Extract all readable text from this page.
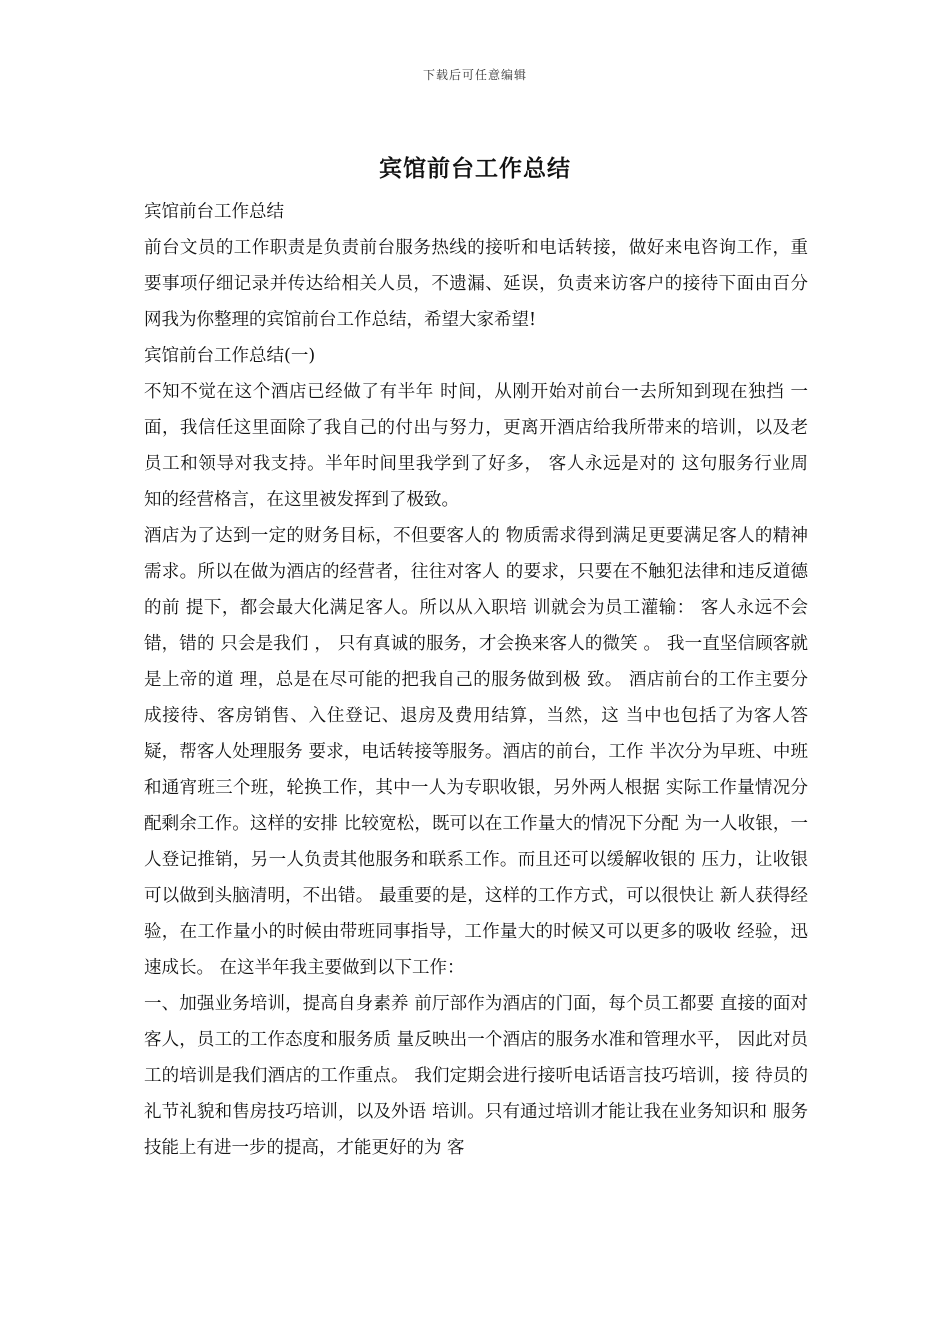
下载后可任意编辑
宾馆前台工作总结

宾馆前台工作总结

前台文员的工作职责是负责前台服务热线的接听和电话转接，做好来电咨询工作，重要事项仔细记录并传达给相关人员，不遗漏、延误，负责来访客户的接待下面由百分网我为你整理的宾馆前台工作总结，希望大家希望!

宾馆前台工作总结(一)

不知不觉在这个酒店已经做了有半年 时间，从刚开始对前台一去所知到现在独挡 一面，我信任这里面除了我自己的付出与努力，更离开酒店给我所带来的培训，以及老员工和领导对我支持。半年时间里我学到了好多， 客人永远是对的 这句服务行业周 知的经营格言，在这里被发挥到了极致。

酒店为了达到一定的财务目标，不但要客人的 物质需求得到满足更要满足客人的精神需求。所以在做为酒店的经营者，往往对客人 的要求，只要在不触犯法律和违反道德的前 提下，都会最大化满足客人。所以从入职培 训就会为员工灌输： 客人永远不会错，错的 只会是我们 ， 只有真诚的服务，才会换来客人的微笑 。 我一直坚信顾客就是上帝的道 理，总是在尽可能的把我自己的服务做到极 致。 酒店前台的工作主要分成接待、客房销售、入住登记、退房及费用结算，当然，这 当中也包括了为客人答疑，帮客人处理服务 要求，电话转接等服务。酒店的前台，工作 半次分为早班、中班和通宵班三个班，轮换工作，其中一人为专职收银，另外两人根据 实际工作量情况分配剩余工作。这样的安排 比较宽松，既可以在工作量大的情况下分配 为一人收银，一人登记推销，另一人负责其他服务和联系工作。而且还可以缓解收银的 压力，让收银可以做到头脑清明，不出错。 最重要的是，这样的工作方式，可以很快让 新人获得经验，在工作量小的时候由带班同事指导，工作量大的时候又可以更多的吸收 经验，迅速成长。 在这半年我主要做到以下工作：

一、加强业务培训，提高自身素养 前厅部作为酒店的门面，每个员工都要 直接的面对客人，员工的工作态度和服务质 量反映出一个酒店的服务水准和管理水平， 因此对员工的培训是我们酒店的工作重点。 我们定期会进行接听电话语言技巧培训，接 待员的礼节礼貌和售房技巧培训，以及外语 培训。只有通过培训才能让我在业务知识和 服务技能上有进一步的提高，才能更好的为 客
